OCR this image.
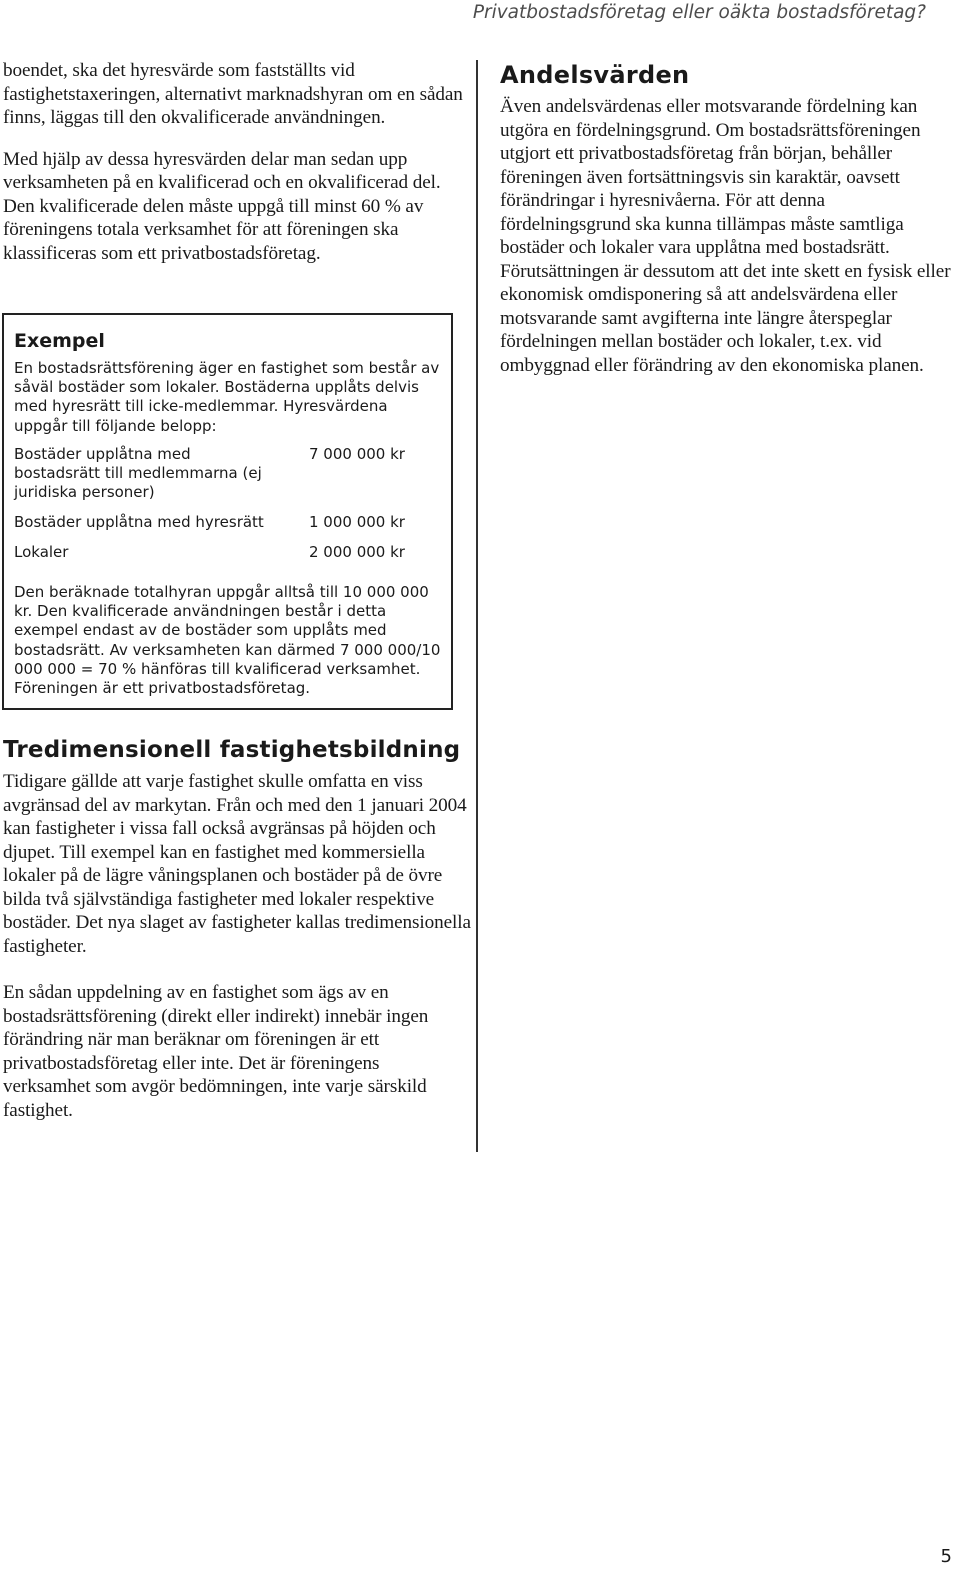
Privatbostadsföretag eller oäkta bostadsföretag?

boendet, ska det hyresvärde som fastställts vid fastighetstaxeringen, alternativt marknadshyran om en sådan finns, läggas till den okvalificerade användningen.

Med hjälp av dessa hyresvärden delar man sedan upp verksamheten på en kvalificerad och en okvalificerad del. Den kvalificerade delen måste uppgå till minst 60 % av föreningens totala verksamhet för att föreningen ska klassificeras som ett privatbostadsföretag.

Exempel

En bostadsrättsförening äger en fastighet som består av såväl bostäder som lokaler. Bostäderna upplåts delvis med hyresrätt till icke-medlemmar. Hyresvärdena uppgår till följande belopp:

Bostäder upplåtna med bostadsrätt till medlemmarna (ej juridiska personer)
7 000 000 kr
Bostäder upplåtna med hyresrätt	1 000 000 kr
Lokaler	2 000 000 kr

Den beräknade totalhyran uppgår alltså till 10 000 000 kr. Den kvalificerade användningen består i detta exempel endast av de bostäder som upplåts med bostadsrätt. Av verksamheten kan därmed 7 000 000/10 000 000 = 70 % hänföras till kvalificerad verksamhet. Föreningen är ett privatbostadsföretag.

Tredimensionell fastighetsbildning

Tidigare gällde att varje fastighet skulle omfatta en viss avgränsad del av markytan. Från och med den 1 januari 2004 kan fastigheter i vissa fall också avgränsas på höjden och djupet. Till exempel kan en fastighet med kommersiella lokaler på de lägre våningsplanen och bostäder på de övre bilda två självständiga fastigheter med lokaler respektive bostäder. Det nya slaget av fastigheter kallas tredimensionella fastigheter.

En sådan uppdelning av en fastighet som ägs av en bostadsrättsförening (direkt eller indirekt) innebär ingen förändring när man beräknar om föreningen är ett privatbostadsföretag eller inte. Det är föreningens verksamhet som avgör bedömningen, inte varje särskild fastighet.

Andelsvärden

Även andelsvärdenas eller motsvarande fördelning kan utgöra en fördelningsgrund. Om bostadsrättsföreningen utgjort ett privatbostadsföretag från början, behåller föreningen även fortsättningsvis sin karaktär, oavsett förändringar i hyresnivåerna. För att denna fördelningsgrund ska kunna tillämpas måste samtliga bostäder och lokaler vara upplåtna med bostadsrätt. Förutsättningen är dessutom att det inte skett en fysisk eller ekonomisk omdisponering så att andelsvärdena eller motsvarande samt avgifterna inte längre återspeglar fördelningen mellan bostäder och lokaler, t.ex. vid ombyggnad eller förändring av den ekonomiska planen.

5
